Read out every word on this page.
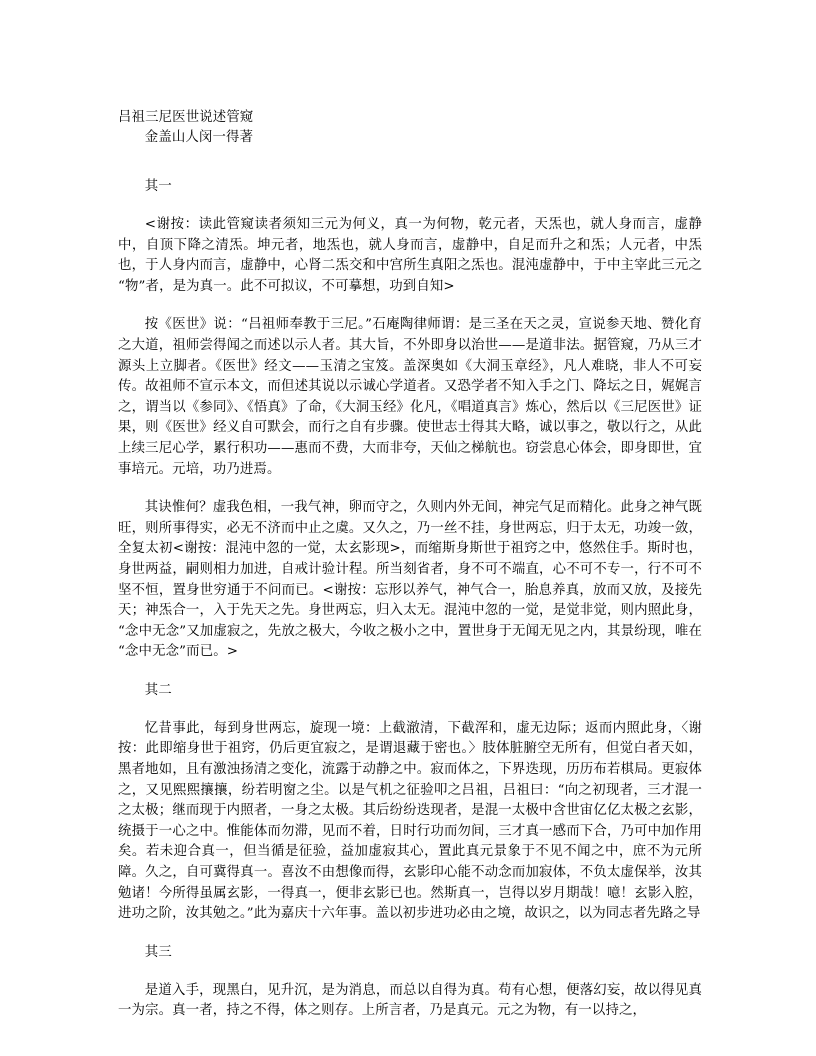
吕祖三尼医世说述管窥
金盖山人闵一得著
其一

<谢按：读此管窥读者须知三元为何义，真一为何物，乾元者，天炁也，就人身而言，虚静中，自顶下降之清炁。坤元者，地炁也，就人身而言，虚静中，自足而升之和炁；人元者，中炁也，于人身内而言，虚静中，心肾二炁交和中宫所生真阳之炁也。混沌虚静中，于中主宰此三元之“物”者，是为真一。此不可拟议，不可摹想，功到自知>

按《医世》说：“吕祖师奉教于三尼。”石庵陶律师谓：是三圣在天之灵，宣说参天地、赞化育之大道，祖师尝得闻之而述以示人者。其大旨，不外即身以治世——是道非法。据管窥，乃从三才源头上立脚者。《医世》经文——玉清之宝笈。盖深奥如《大洞玉章经》，凡人难晓，非人不可妄传。故祖师不宣示本文，而但述其说以示诚心学道者。又恐学者不知入手之门、降坛之日，娓娓言之，谓当以《参同》、《悟真》了命，《大洞玉经》化凡，《唱道真言》炼心，然后以《三尼医世》证果，则《医世》经义自可默会，而行之自有步骤。使世志士得其大略，诚以事之，敬以行之，从此上续三尼心学，累行积功——惠而不费，大而非夸，天仙之梯航也。窃尝息心体会，即身即世，宜事培元。元培，功乃进焉。

其诀惟何？虚我色相，一我气神，卵而守之，久则内外无间，神完气足而精化。此身之神气既旺，则所事得实，必无不济而中止之虞。又久之，乃一丝不挂，身世两忘，归于太无，功竣一敛，全复太初<谢按：混沌中忽的一觉，太玄影现>，而缩斯身斯世于祖窍之中，悠然住手。斯时也，身世两益，嗣则相力加进，自戒计验计程。所当刻省者，身不可不端直，心不可不专一，行不可不坚不恒，置身世穷通于不问而已。<谢按：忘形以养气，神气合一，胎息养真，放而又放，及接先天；神炁合一，入于先天之先。身世两忘，归入太无。混沌中忽的一觉，是觉非觉，则内照此身，“念中无念”又加虚寂之，先放之极大，今收之极小之中，置世身于无闻无见之内，其景纷现，唯在“念中无念”而已。>

其二

忆昔事此，每到身世两忘，旋现一境：上截澈清，下截浑和，虚无边际；返而内照此身，〈谢按：此即缩身世于祖窍，仍后更宜寂之，是谓退藏于密也。〉肢体脏腑空无所有，但觉白者天如，黑者地如，且有激浊扬清之变化，流露于动静之中。寂而体之，下界迭现，历历布若棋局。更寂体之，又见熙熙攘攘，纷若明窗之尘。以是气机之征验叩之吕祖，吕祖曰：“向之初现者，三才混一之太极；继而现于内照者，一身之太极。其后纷纷迭现者，是混一太极中含世宙亿亿太极之玄影，统摄于一心之中。惟能体而勿滞，见而不着，日时行功而勿间，三才真一感而下合，乃可中加作用矣。若未迎合真一，但当循是征验，益加虚寂其心，置此真元景象于不见不闻之中，庶不为元所障。久之，自可冀得真一。喜汝不由想像而得，玄影印心能不动念而加寂体，不负太虚保举，汝其勉诸！今所得虽属玄影，一得真一，便非玄影已也。然斯真一，岂得以岁月期哉！噫！玄影入腔，进功之阶，汝其勉之。”此为嘉庆十六年事。盖以初步进功必由之境，故识之，以为同志者先路之导

其三

是道入手，现黑白，见升沉，是为消息，而总以自得为真。苟有心想，便落幻妄，故以得见真一为宗。真一者，持之不得，体之则存。上所言者，乃是真元。元之为物，有一以持之，
